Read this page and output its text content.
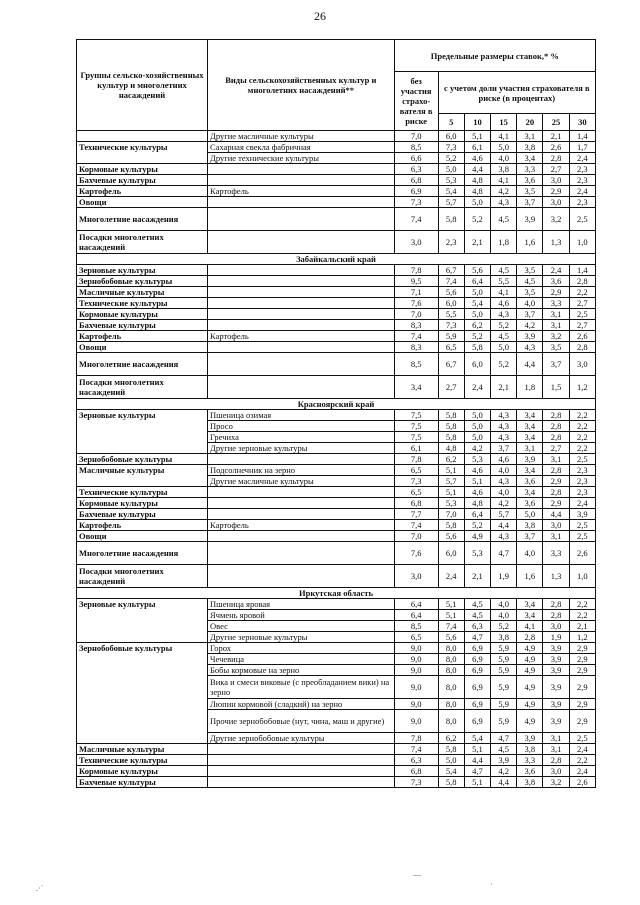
26
Группы сельско-хозяйственных культур и многолетних насаждений	Виды сельскохозяйственных культур и многолетних насаждений**	Предельные размеры ставок,* %						
		без участия страхо-вателя в риске	с учетом доли участия страхователя в риске (в процентах)					
			5	10	15	20	25	30
	Другие масличные культуры	7,0	6,0	5,1	4,1	3,1	2,1	1,4
Технические культуры	Сахарная свекла фабричная	8,5	7,3	6,1	5,0	3,8	2,6	1,7
	Другие технические культуры	6,6	5,2	4,6	4,0	3,4	2,8	2,4
Кормовые культуры		6,3	5,0	4,4	3,8	3,3	2,7	2,3
Бахчевые культуры		6,8	5,3	4,8	4,1	3,6	3,0	2,3
Картофель	Картофель	6,9	5,4	4,8	4,2	3,5	2,9	2,4
Овощи		7,3	5,7	5,0	4,3	3,7	3,0	2,3
Многолетние насаждения		7,4	5,8	5,2	4,5	3,9	3,2	2,5
Посадки многолетних насаждений		3,0	2,3	2,1	1,8	1,6	1,3	1,0
Забайкальский край								
Зерновые культуры		7,8	6,7	5,6	4,5	3,5	2,4	1,4
Зернобобовые культуры		9,5	7,4	6,4	5,5	4,5	3,6	2,8
Масличные культуры		7,1	5,6	5,0	4,1	3,5	2,9	2,2
Технические культуры		7,6	6,0	5,4	4,6	4,0	3,3	2,7
Кормовые культуры		7,0	5,5	5,0	4,3	3,7	3,1	2,5
Бахчевые культуры		8,3	7,3	6,2	5,2	4,2	3,1	2,7
Картофель	Картофель	7,4	5,9	5,2	4,5	3,9	3,2	2,6
Овощи		8,3	6,5	5,8	5,0	4,3	3,5	2,8
Многолетние насаждения		8,5	6,7	6,0	5,2	4,4	3,7	3,0
Посадки многолетних насаждений		3,4	2,7	2,4	2,1	1,8	1,5	1,2
Красноярский край								
Зерновые культуры	Пшеница озимая	7,5	5,8	5,0	4,3	3,4	2,8	2,2
	Просо	7,5	5,8	5,0	4,3	3,4	2,8	2,2
	Гречиха	7,5	5,8	5,0	4,3	3,4	2,8	2,2
	Другие зерновые культуры	6,1	4,8	4,2	3,7	3,1	2,7	2,2
Зернобобовые культуры		7,8	6,2	5,3	4,6	3,9	3,1	2,5
Масличные культуры	Подсолнечник на зерно	6,5	5,1	4,6	4,0	3,4	2,8	2,3
	Другие масличные культуры	7,3	5,7	5,1	4,3	3,6	2,9	2,3
Технические культуры		6,5	5,1	4,6	4,0	3,4	2,8	2,3
Кормовые культуры		6,8	5,3	4,8	4,2	3,6	2,9	2,4
Бахчевые культуры		7,7	7,0	6,4	5,7	5,0	4,4	3,9
Картофель	Картофель	7,4	5,8	5,2	4,4	3,8	3,0	2,5
Овощи		7,0	5,6	4,9	4,3	3,7	3,1	2,5
Многолетние насаждения		7,6	6,0	5,3	4,7	4,0	3,3	2,6
Посадки многолетних насаждений		3,0	2,4	2,1	1,9	1,6	1,3	1,0
Иркутская область								
Зерновые культуры	Пшеница яровая	6,4	5,1	4,5	4,0	3,4	2,8	2,2
	Ячмень яровой	6,4	5,1	4,5	4,0	3,4	2,8	2,2
	Овес	8,5	7,4	6,3	5,2	4,1	3,0	2,1
	Другие зерновые культуры	6,5	5,6	4,7	3,8	2,8	1,9	1,2
Зернобобовые культуры	Горох	9,0	8,0	6,9	5,9	4,9	3,9	2,9
	Чечевица	9,0	8,0	6,9	5,9	4,9	3,9	2,9
	Бобы кормовые на зерно	9,0	8,0	6,9	5,9	4,9	3,9	2,9
	Вика и смеси виковые (с преобладанием вики) на зерно	9,0	8,0	6,9	5,9	4,9	3,9	2,9
	Люпин кормовой (сладкий) на зерно	9,0	8,0	6,9	5,9	4,9	3,9	2,9
	Прочие зернобобовые (нут, чина, маш и другие)	9,0	8,0	6,9	5,9	4,9	3,9	2,9
	Другие зернобобовые культуры	7,8	6,2	5,4	4,7	3,9	3,1	2,5
Масличные культуры		7,4	5,8	5,1	4,5	3,8	3,1	2,4
Технические культуры		6,3	5,0	4,4	3,9	3,3	2,8	2,2
Кормовые культуры		6,8	5,4	4,7	4,2	3,6	3,0	2,4
Бахчевые культуры		7,3	5,8	5,1	4,4	3,8	3,2	2,6
.·´
—
·
